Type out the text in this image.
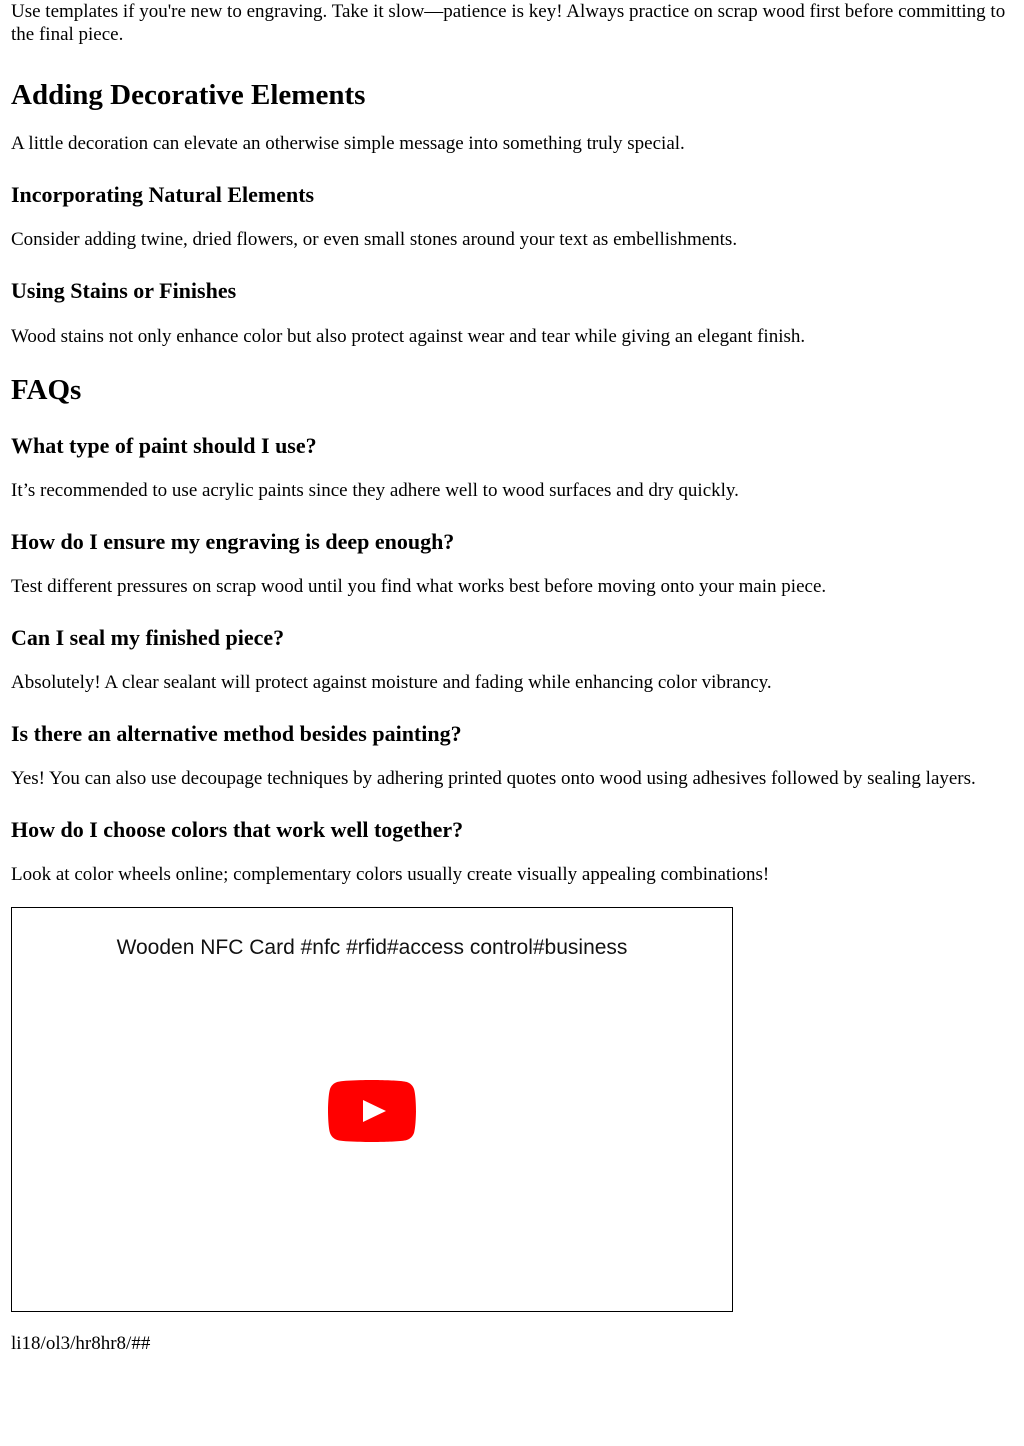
Use templates if you're new to engraving. Take it slow—patience is key! Always practice on scrap wood first before committing to the final piece.

Adding Decorative Elements

A little decoration can elevate an otherwise simple message into something truly special.

Incorporating Natural Elements

Consider adding twine, dried flowers, or even small stones around your text as embellishments.

Using Stains or Finishes

Wood stains not only enhance color but also protect against wear and tear while giving an elegant finish.

FAQs
What type of paint should I use?

It’s recommended to use acrylic paints since they adhere well to wood surfaces and dry quickly.

How do I ensure my engraving is deep enough?

Test different pressures on scrap wood until you find what works best before moving onto your main piece.

Can I seal my finished piece?

Absolutely! A clear sealant will protect against moisture and fading while enhancing color vibrancy.

Is there an alternative method besides painting?

Yes! You can also use decoupage techniques by adhering printed quotes onto wood using adhesives followed by sealing layers.

How do I choose colors that work well together?

Look at color wheels online; complementary colors usually create visually appealing combinations!

Wooden NFC Card #nfc #rfid#access control#business

li18/ol3/hr8hr8/##
